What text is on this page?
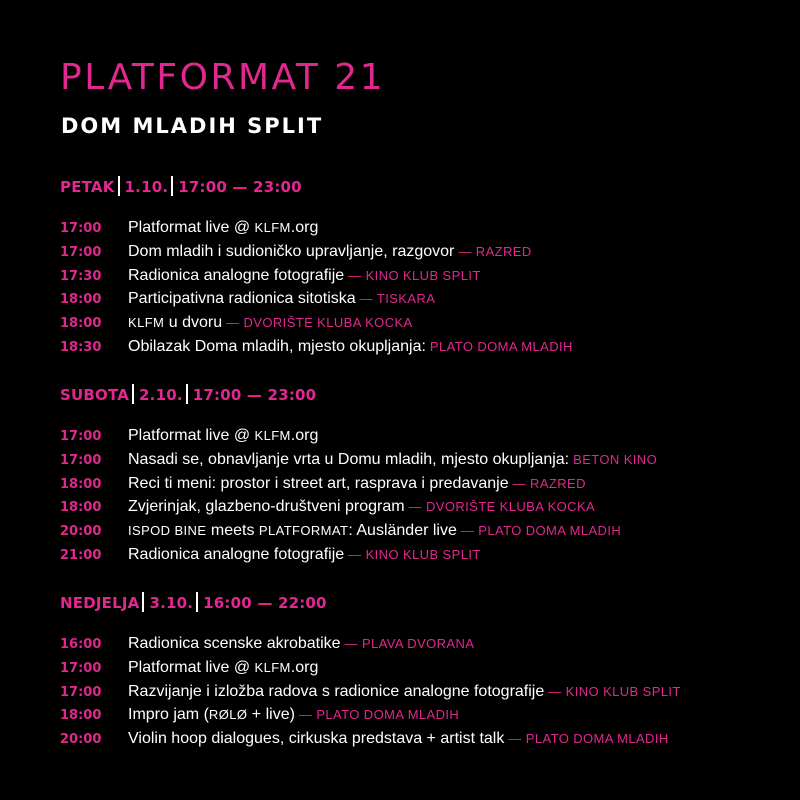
PLATFORMAT 21
DOM MLADIH SPLIT
PETAK 1.10. 17:00 — 23:00
17:00 Platformat live @ KLFM.org
17:00 Dom mladih i sudioničko upravljanje, razgovor — RAZRED
17:30 Radionica analogne fotografije — KINO KLUB SPLIT
18:00 Participativna radionica sitotiska — TISKARA
18:00 KLFM u dvoru — DVORIŠTE KLUBA KOCKA
18:30 Obilazak Doma mladih, mjesto okupljanja: PLATO DOMA MLADIH
SUBOTA 2.10. 17:00 — 23:00
17:00 Platformat live @ KLFM.org
17:00 Nasadi se, obnavljanje vrta u Domu mladih, mjesto okupljanja: BETON KINO
18:00 Reci ti meni: prostor i street art, rasprava i predavanje — RAZRED
18:00 Zvjerinjak, glazbeno-društveni program — DVORIŠTE KLUBA KOCKA
20:00 ISPOD BINE meets PLATFORMAT: Ausländer live — PLATO DOMA MLADIH
21:00 Radionica analogne fotografije — KINO KLUB SPLIT
NEDJELJA 3.10. 16:00 — 22:00
16:00 Radionica scenske akrobatike — PLAVA DVORANA
17:00 Platformat live @ KLFM.org
17:00 Razvijanje i izložba radova s radionice analogne fotografije — KINO KLUB SPLIT
18:00 Impro jam (RØLØ + live) — PLATO DOMA MLADIH
20:00 Violin hoop dialogues, cirkuska predstava + artist talk — PLATO DOMA MLADIH
